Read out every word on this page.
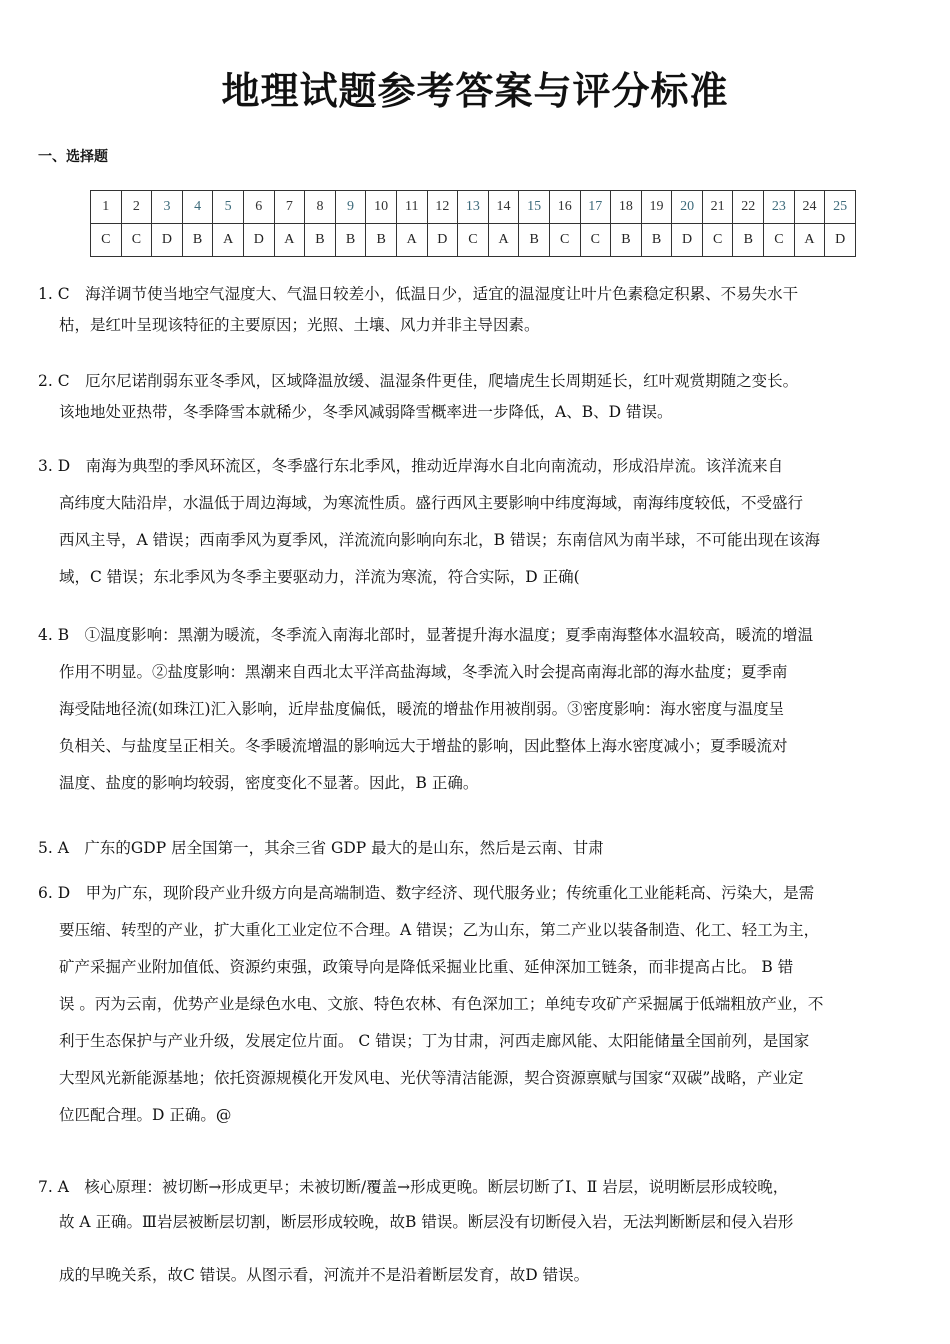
地理试题参考答案与评分标准
一、选择题
1	2	3	4	5	6	7	8	9	10	11	12	13	14	15	16	17	18	19	20	21	22	23	24	25
C	C	D	B	A	D	A	B	B	B	A	D	C	A	B	C	C	B	B	D	C	B	C	A	D
1. C　海洋调节使当地空气湿度大、气温日较差小，低温日少，适宜的温湿度让叶片色素稳定积累、不易失水干
枯，是红叶呈现该特征的主要原因；光照、土壤、风力并非主导因素。
2. C　厄尔尼诺削弱东亚冬季风，区域降温放缓、温湿条件更佳，爬墙虎生长周期延长，红叶观赏期随之变长。
该地地处亚热带，冬季降雪本就稀少，冬季风减弱降雪概率进一步降低，A、B、D 错误。
3. D　南海为典型的季风环流区，冬季盛行东北季风，推动近岸海水自北向南流动，形成沿岸流。该洋流来自
高纬度大陆沿岸，水温低于周边海域，为寒流性质。盛行西风主要影响中纬度海域，南海纬度较低，不受盛行
西风主导，A 错误；西南季风为夏季风，洋流流向影响向东北，B 错误；东南信风为南半球，不可能出现在该海
域，C 错误；东北季风为冬季主要驱动力，洋流为寒流，符合实际，D 正确(
4. B　①温度影响：黑潮为暖流，冬季流入南海北部时，显著提升海水温度；夏季南海整体水温较高，暖流的增温
作用不明显。②盐度影响：黑潮来自西北太平洋高盐海域，冬季流入时会提高南海北部的海水盐度；夏季南
海受陆地径流(如珠江)汇入影响，近岸盐度偏低，暖流的增盐作用被削弱。③密度影响：海水密度与温度呈
负相关、与盐度呈正相关。冬季暖流增温的影响远大于增盐的影响，因此整体上海水密度减小；夏季暖流对
温度、盐度的影响均较弱，密度变化不显著。因此，B 正确。
5. A　广东的GDP 居全国第一，其余三省 GDP 最大的是山东，然后是云南、甘肃
6. D　甲为广东，现阶段产业升级方向是高端制造、数字经济、现代服务业；传统重化工业能耗高、污染大，是需
要压缩、转型的产业，扩大重化工业定位不合理。A 错误；乙为山东，第二产业以装备制造、化工、轻工为主，
矿产采掘产业附加值低、资源约束强，政策导向是降低采掘业比重、延伸深加工链条，而非提高占比。 B 错
误 。丙为云南，优势产业是绿色水电、文旅、特色农林、有色深加工；单纯专攻矿产采掘属于低端粗放产业，不
利于生态保护与产业升级，发展定位片面。 C 错误；丁为甘肃，河西走廊风能、太阳能储量全国前列，是国家
大型风光新能源基地；依托资源规模化开发风电、光伏等清洁能源，契合资源禀赋与国家“双碳”战略，产业定
位匹配合理。D 正确。@
7. A　核心原理：被切断→形成更早；未被切断/覆盖→形成更晚。断层切断了Ⅰ、Ⅱ 岩层，说明断层形成较晚，
故 A 正确。Ⅲ岩层被断层切割，断层形成较晚，故B 错误。断层没有切断侵入岩，无法判断断层和侵入岩形
成的早晚关系，故C 错误。从图示看，河流并不是沿着断层发育，故D 错误。
